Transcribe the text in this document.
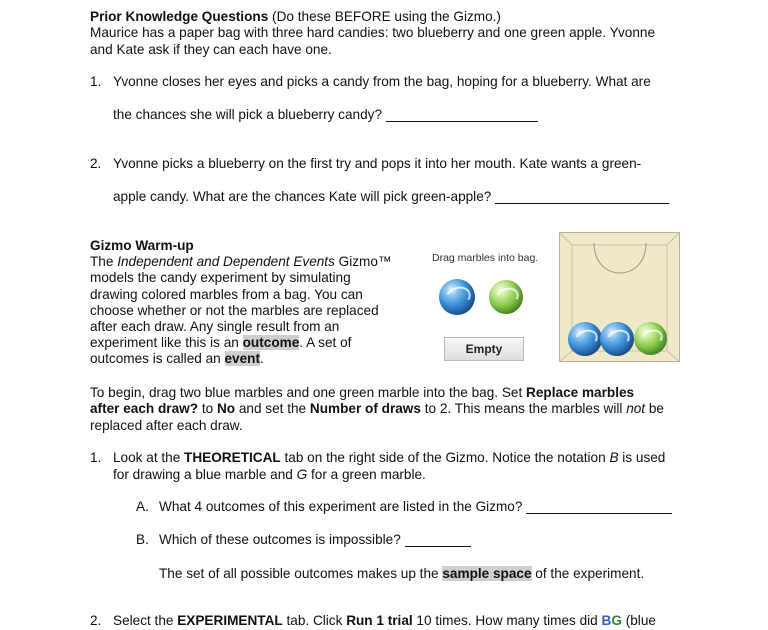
Prior Knowledge Questions (Do these BEFORE using the Gizmo.)
Maurice has a paper bag with three hard candies: two blueberry and one green apple. Yvonne
and Kate ask if they can each have one.
1. Yvonne closes her eyes and picks a candy from the bag, hoping for a blueberry. What are
the chances she will pick a blueberry candy?
2. Yvonne picks a blueberry on the first try and pops it into her mouth. Kate wants a green-
apple candy. What are the chances Kate will pick green-apple?
Gizmo Warm-up
The Independent and Dependent Events Gizmo™
models the candy experiment by simulating
drawing colored marbles from a bag. You can
choose whether or not the marbles are replaced
after each draw. Any single result from an
experiment like this is an outcome. A set of
outcomes is called an event.
Drag marbles into bag.
Empty
To begin, drag two blue marbles and one green marble into the bag. Set Replace marbles
after each draw? to No and set the Number of draws to 2. This means the marbles will not be
replaced after each draw.
1. Look at the THEORETICAL tab on the right side of the Gizmo. Notice the notation B is used
for drawing a blue marble and G for a green marble.
A. What 4 outcomes of this experiment are listed in the Gizmo?
B. Which of these outcomes is impossible?
The set of all possible outcomes makes up the sample space of the experiment.
2. Select the EXPERIMENTAL tab. Click Run 1 trial 10 times. How many times did BG (blue
